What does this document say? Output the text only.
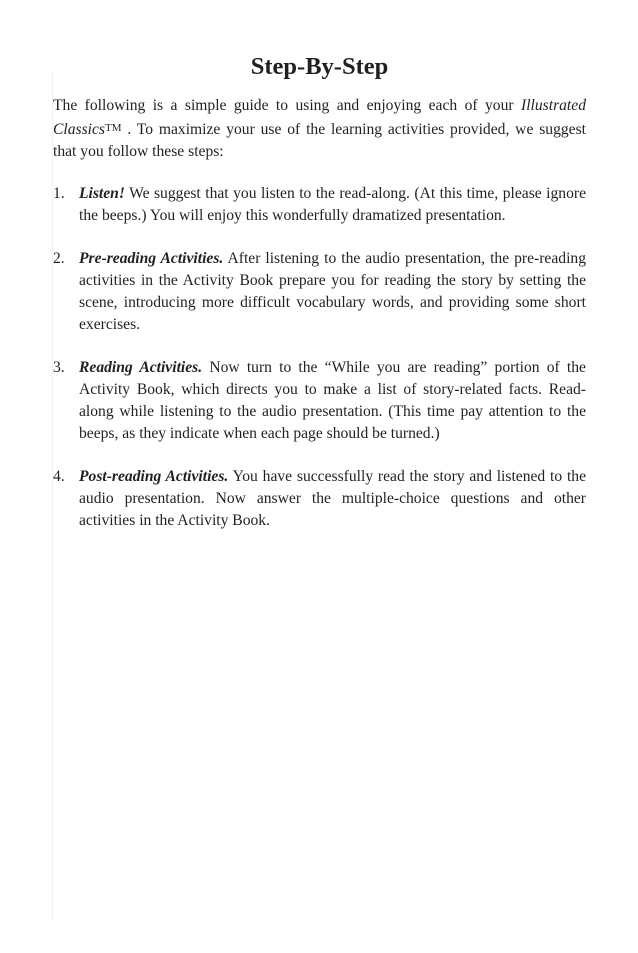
Step-By-Step

The following is a simple guide to using and enjoying each of your Illustrated ClassicsTM . To maximize your use of the learning activities provided, we suggest that you follow these steps:

1. Listen! We suggest that you listen to the read-along. (At this time, please ignore the beeps.) You will enjoy this wonderfully dramatized presentation.
2. Pre-reading Activities. After listening to the audio presentation, the pre-reading activities in the Activity Book prepare you for reading the story by setting the scene, introducing more difficult vocabulary words, and providing some short exercises.
3. Reading Activities. Now turn to the “While you are reading” portion of the Activity Book, which directs you to make a list of story-related facts. Read-along while listening to the audio presentation. (This time pay attention to the beeps, as they indicate when each page should be turned.)
4. Post-reading Activities. You have successfully read the story and listened to the audio presentation. Now answer the multiple-choice questions and other activities in the Activity Book.
